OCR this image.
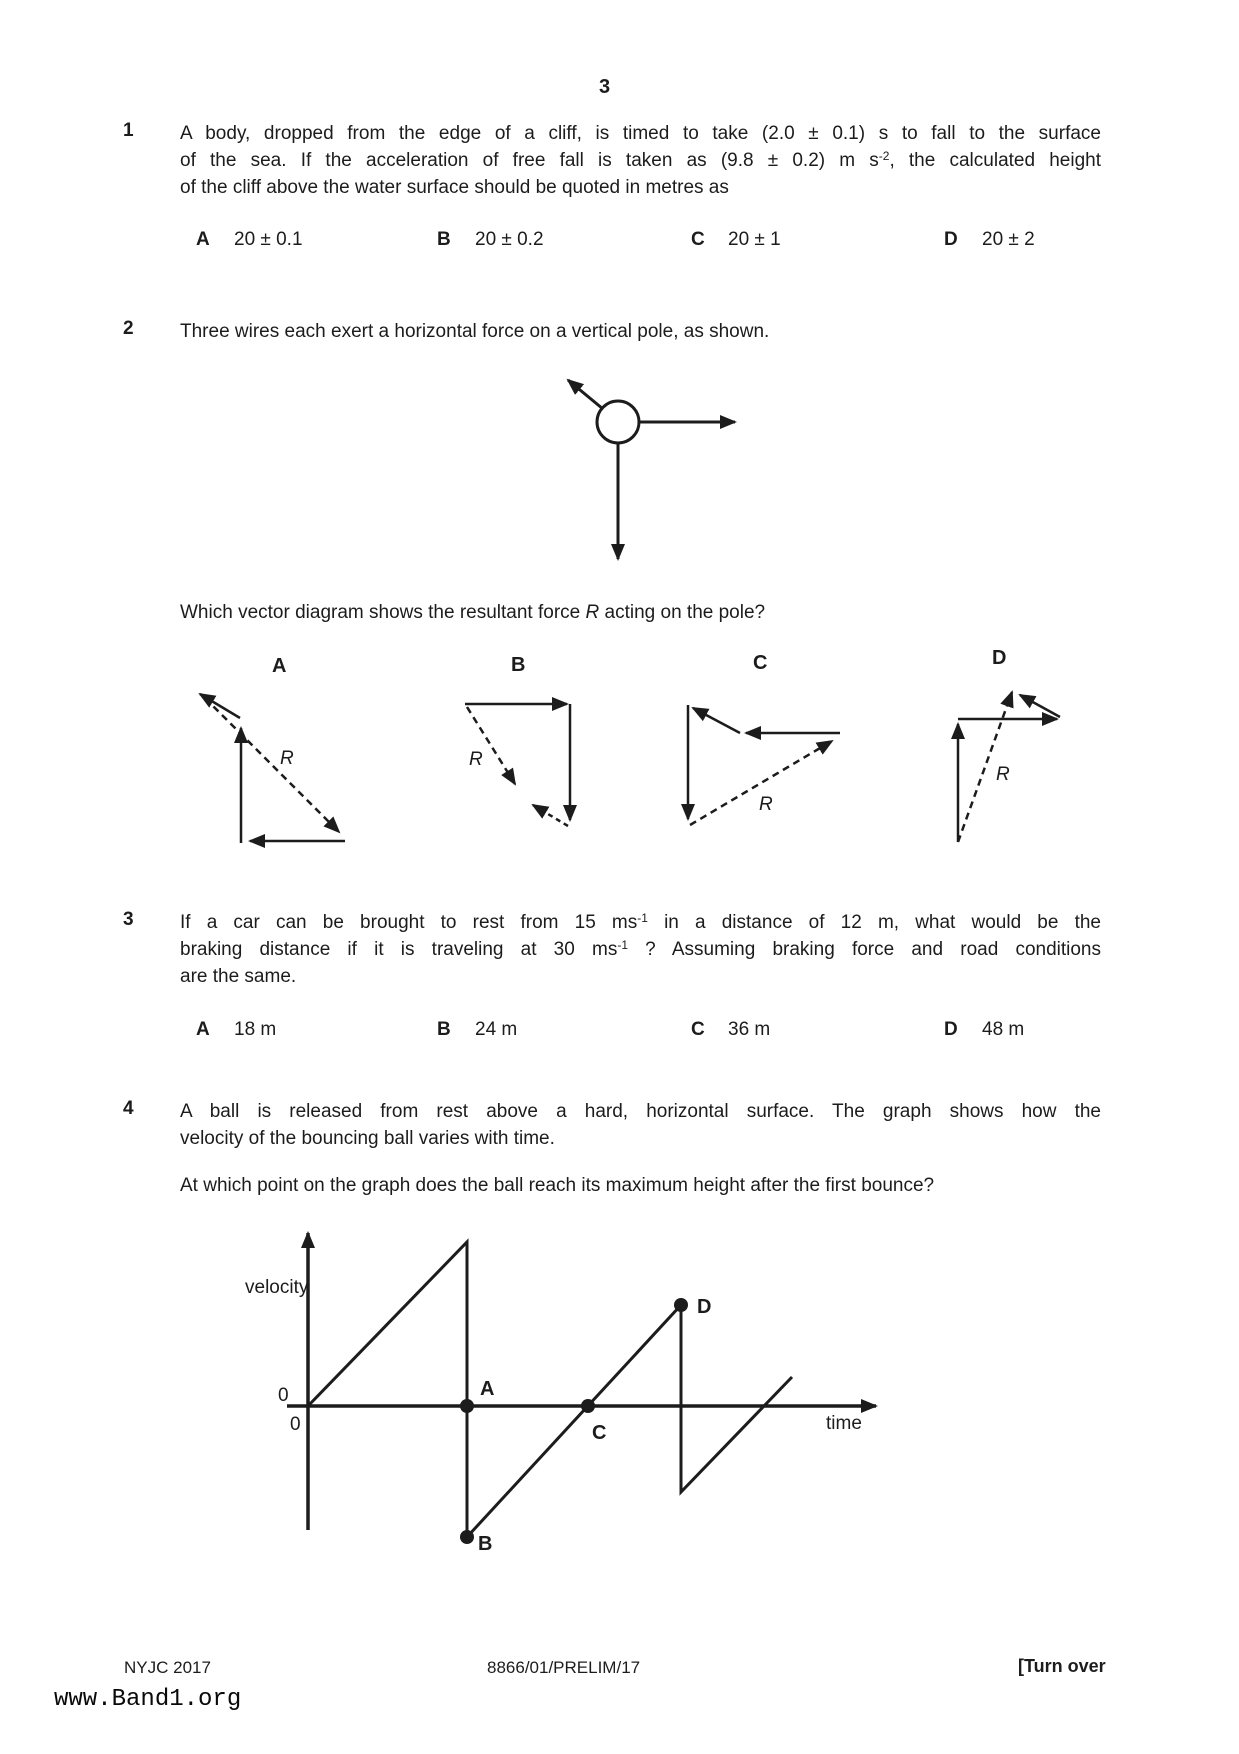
3
1 A body, dropped from the edge of a cliff, is timed to take (2.0 ± 0.1) s to fall to the surface
of the sea. If the acceleration of free fall is taken as (9.8 ± 0.2) m $s^{-2}$, the calculated height
of the cliff above the water surface should be quoted in metres as
A 20 ± 0.1	B 20 ± 0.2	C 20 ± 1	D 20 ± 2
2 Three wires each exert a horizontal force on a vertical pole, as shown.
Which vector diagram shows the resultant force R acting on the pole?
A	B	C	D
R	R
R
R
3 If a car can be brought to rest from 15 $ms^{-1}$ in a distance of 12 m, what would be the
braking distance if it is traveling at 30 $ms^{-1}$ ? Assuming braking force and road conditions
are the same.
A 18 m	B 24 m	C 36 m	D 48 m
4 A ball is released from rest above a hard, horizontal surface. The graph shows how the
velocity of the bouncing ball varies with time.
At which point on the graph does the ball reach its maximum height after the first bounce?
velocity
time
0
0
A
B
C
D
NYJC 2017	8866/01/PRELIM/17	[Turn over
www.Band1.org
